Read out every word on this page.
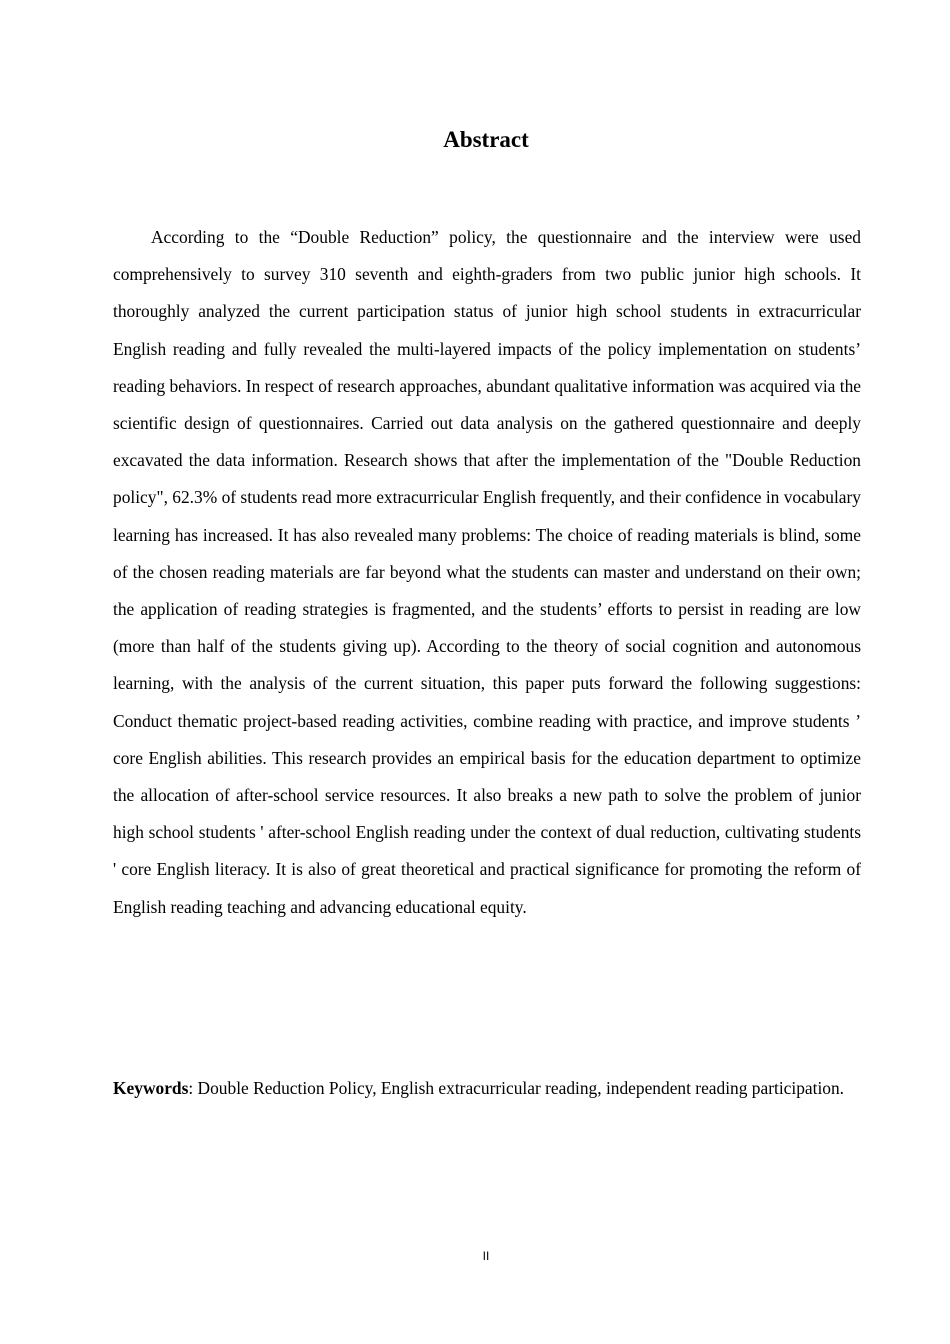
Abstract

According to the “Double Reduction” policy, the questionnaire and the interview were used comprehensively to survey 310 seventh and eighth-graders from two public junior high schools. It thoroughly analyzed the current participation status of junior high school students in extracurricular English reading and fully revealed the multi-layered impacts of the policy implementation on students’ reading behaviors. In respect of research approaches, abundant qualitative information was acquired via the scientific design of questionnaires. Carried out data analysis on the gathered questionnaire and deeply excavated the data information. Research shows that after the implementation of the "Double Reduction policy", 62.3% of students read more extracurricular English frequently, and their confidence in vocabulary learning has increased. It has also revealed many problems: The choice of reading materials is blind, some of the chosen reading materials are far beyond what the students can master and understand on their own; the application of reading strategies is fragmented, and the students’ efforts to persist in reading are low (more than half of the students giving up). According to the theory of social cognition and autonomous learning, with the analysis of the current situation, this paper puts forward the following suggestions: Conduct thematic project-based reading activities, combine reading with practice, and improve students ’ core English abilities. This research provides an empirical basis for the education department to optimize the allocation of after-school service resources. It also breaks a new path to solve the problem of junior high school students ' after-school English reading under the context of dual reduction, cultivating students ' core English literacy. It is also of great theoretical and practical significance for promoting the reform of English reading teaching and advancing educational equity.

Keywords: Double Reduction Policy, English extracurricular reading, independent reading participation.

II
